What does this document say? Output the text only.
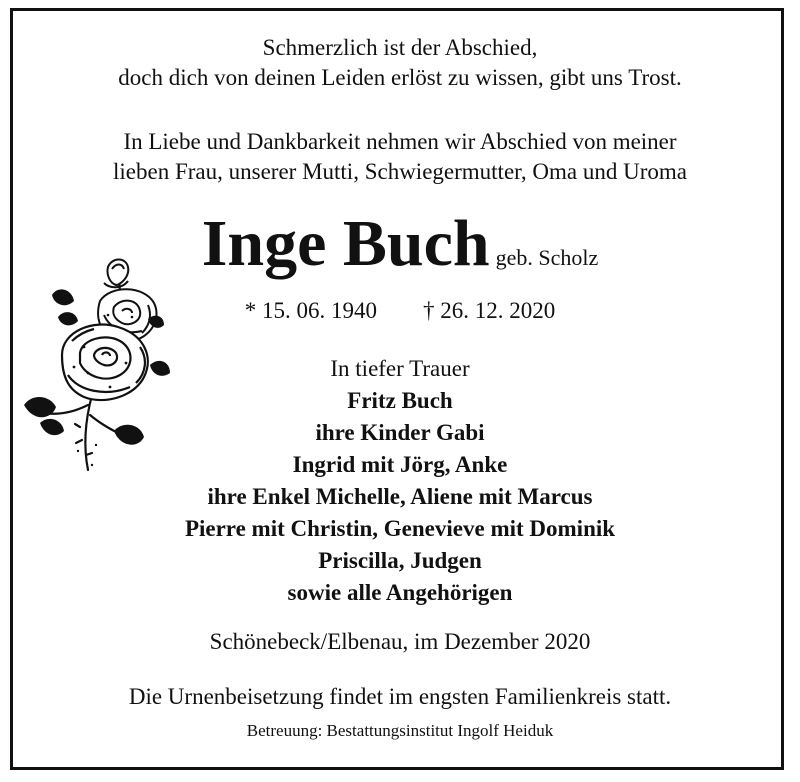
Schmerzlich ist der Abschied,
doch dich von deinen Leiden erlöst zu wissen, gibt uns Trost.
In Liebe und Dankbarkeit nehmen wir Abschied von meiner
lieben Frau, unserer Mutti, Schwiegermutter, Oma und Uroma
Inge Buch geb. Scholz
* 15. 06. 1940 † 26. 12. 2020
In tiefer Trauer
Fritz Buch
ihre Kinder Gabi
Ingrid mit Jörg, Anke
ihre Enkel Michelle, Aliene mit Marcus
Pierre mit Christin, Genevieve mit Dominik
Priscilla, Judgen
sowie alle Angehörigen
Schönebeck/Elbenau, im Dezember 2020
Die Urnenbeisetzung findet im engsten Familienkreis statt.
Betreuung: Bestattungsinstitut Ingolf Heiduk
